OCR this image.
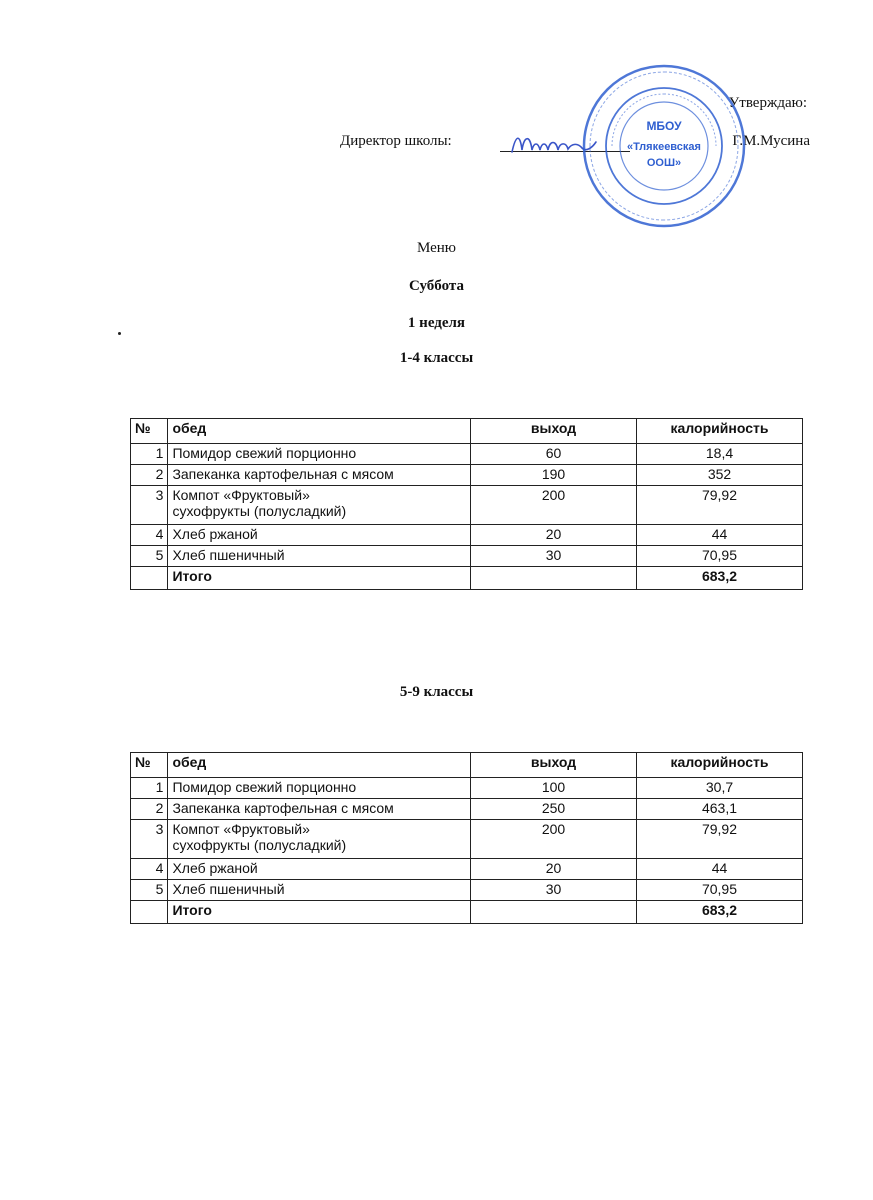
Утверждаю:
Директор школы:	Г.М.Мусина
МБОУ
«Тлякеевская
ООШ»
Меню
Суббота
1 неделя
1-4 классы
№	обед	выход	калорийность
1	Помидор свежий порционно	60	18,4
2	Запеканка картофельная с мясом	190	352
3	Компот «Фруктовый»
сухофрукты (полусладкий)	200	79,92
4	Хлеб ржаной	20	44
5	Хлеб пшеничный	30	70,95
	Итого		683,2
5-9 классы
№	обед	выход	калорийность
1	Помидор свежий порционно	100	30,7
2	Запеканка картофельная с мясом	250	463,1
3	Компот «Фруктовый»
сухофрукты (полусладкий)	200	79,92
4	Хлеб ржаной	20	44
5	Хлеб пшеничный	30	70,95
	Итого		683,2
